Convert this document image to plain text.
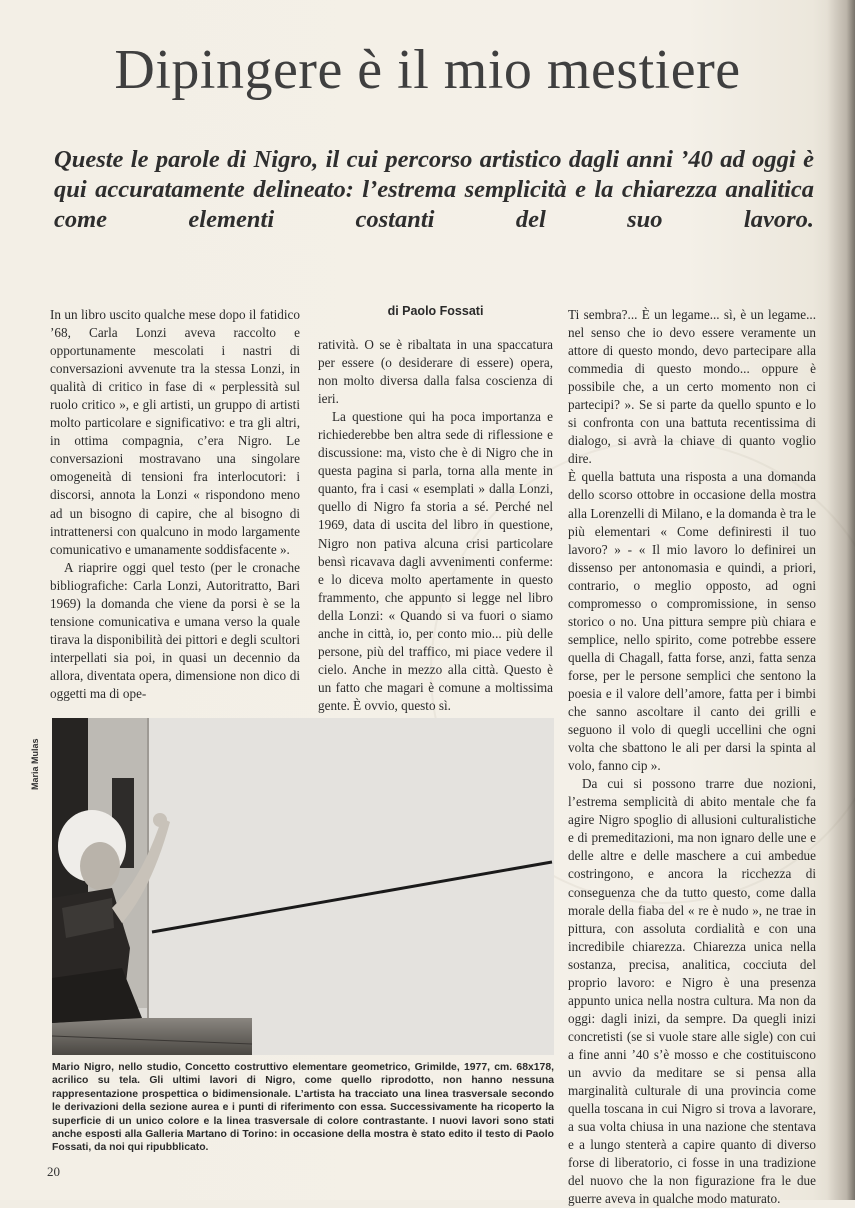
Dipingere è il mio mestiere
Queste le parole di Nigro, il cui percorso artistico dagli anni ’40 ad oggi è qui accuratamente delineato: l’estrema semplicità e la chiarezza analitica come elementi costanti del suo lavoro.

In un libro uscito qualche mese dopo il fatidico ’68, Carla Lonzi aveva raccolto e opportunamente mescolati i nastri di conversazioni avvenute tra la stessa Lonzi, in qualità di critico in fase di « perplessità sul ruolo critico », e gli artisti, un gruppo di artisti molto particolare e significativo: e tra gli altri, in ottima compagnia, c’era Nigro. Le conversazioni mostravano una singolare omogeneità di tensioni fra interlocutori: i discorsi, annota la Lonzi « rispondono meno ad un bisogno di capire, che al bisogno di intrattenersi con qualcuno in modo largamente comunicativo e umanamente soddisfacente ».

A riaprire oggi quel testo (per le cronache bibliografiche: Carla Lonzi, Autoritratto, Bari 1969) la domanda che viene da porsi è se la tensione comunicativa e umana verso la quale tirava la disponibilità dei pittori e degli scultori interpellati sia poi, in quasi un decennio da allora, diventata opera, dimensione non dico di oggetti ma di ope-

di Paolo Fossati

ratività. O se è ribaltata in una spaccatura per essere (o desiderare di essere) opera, non molto diversa dalla falsa coscienza di ieri.

La questione qui ha poca importanza e richiederebbe ben altra sede di riflessione e discussione: ma, visto che è di Nigro che in questa pagina si parla, torna alla mente in quanto, fra i casi « esemplati » dalla Lonzi, quello di Nigro fa storia a sé. Perché nel 1969, data di uscita del libro in questione, Nigro non pativa alcuna crisi particolare bensì ricavava dagli avvenimenti conferme: e lo diceva molto apertamente in questo frammento, che appunto si legge nel libro della Lonzi: « Quando si va fuori o siamo anche in città, io, per conto mio... più delle persone, più del traffico, mi piace vedere il cielo. Anche in mezzo alla città. Questo è un fatto che magari è comune a moltissima gente. È ovvio, questo sì.

Ti sembra?... È un legame... sì, è un legame... nel senso che io devo essere veramente un attore di questo mondo, devo partecipare alla commedia di questo mondo... oppure è possibile che, a un certo momento non ci partecipi? ». Se si parte da quello spunto e lo si confronta con una battuta recentissima di dialogo, si avrà la chiave di quanto voglio dire.

È quella battuta una risposta a una domanda dello scorso ottobre in occasione della mostra alla Lorenzelli di Milano, e la domanda è tra le più elementari « Come definiresti il tuo lavoro? » - « Il mio lavoro lo definirei un dissenso per antonomasia e quindi, a priori, contrario, o meglio opposto, ad ogni compromesso o compromissione, in senso storico o no. Una pittura sempre più chiara e semplice, nello spirito, come potrebbe essere quella di Chagall, fatta forse, anzi, fatta senza forse, per le persone semplici che sentono la poesia e il valore dell’amore, fatta per i bimbi che sanno ascoltare il canto dei grilli e seguono il volo di quegli uccellini che ogni volta che sbattono le ali per darsi la spinta al volo, fanno cip ».

Da cui si possono trarre due nozioni, l’estrema semplicità di abito mentale che fa agire Nigro spoglio di allusioni culturalistiche e di premeditazioni, ma non ignaro delle une e delle altre e delle maschere a cui ambedue costringono, e ancora la ricchezza di conseguenza che da tutto questo, come dalla morale della fiaba del « re è nudo », ne trae in pittura, con assoluta cordialità e con una incredibile chiarezza. Chiarezza unica nella sostanza, precisa, analitica, cocciuta del proprio lavoro: e Nigro è una presenza appunto unica nella nostra cultura. Ma non da oggi: dagli inizi, da sempre. Da quegli inizi concretisti (se si vuole stare alle sigle) con cui a fine anni ’40 s’è mosso e che costituiscono un avvio da meditare se si pensa alla marginalità culturale di una provincia come quella toscana in cui Nigro si trova a lavorare, a sua volta chiusa in una nazione che stentava e a lungo stenterà a capire quanto di diverso forse di liberatorio, ci fosse in una tradizione del nuovo che la non figurazione fra le due guerre aveva in qualche modo maturato.

Maria Mulas
Mario Nigro, nello studio, Concetto costruttivo elementare geometrico, Grimilde, 1977, cm. 68x178, acrilico su tela. Gli ultimi lavori di Nigro, come quello riprodotto, non hanno nessuna rappresentazione prospettica o bidimensionale. L’artista ha tracciato una linea trasversale secondo le derivazioni della sezione aurea e i punti di riferimento con essa. Successivamente ha ricoperto la superficie di un unico colore e la linea trasversale di colore contrastante. I nuovi lavori sono stati anche esposti alla Galleria Martano di Torino: in occasione della mostra è stato edito il testo di Paolo Fossati, da noi qui ripubblicato.
20
